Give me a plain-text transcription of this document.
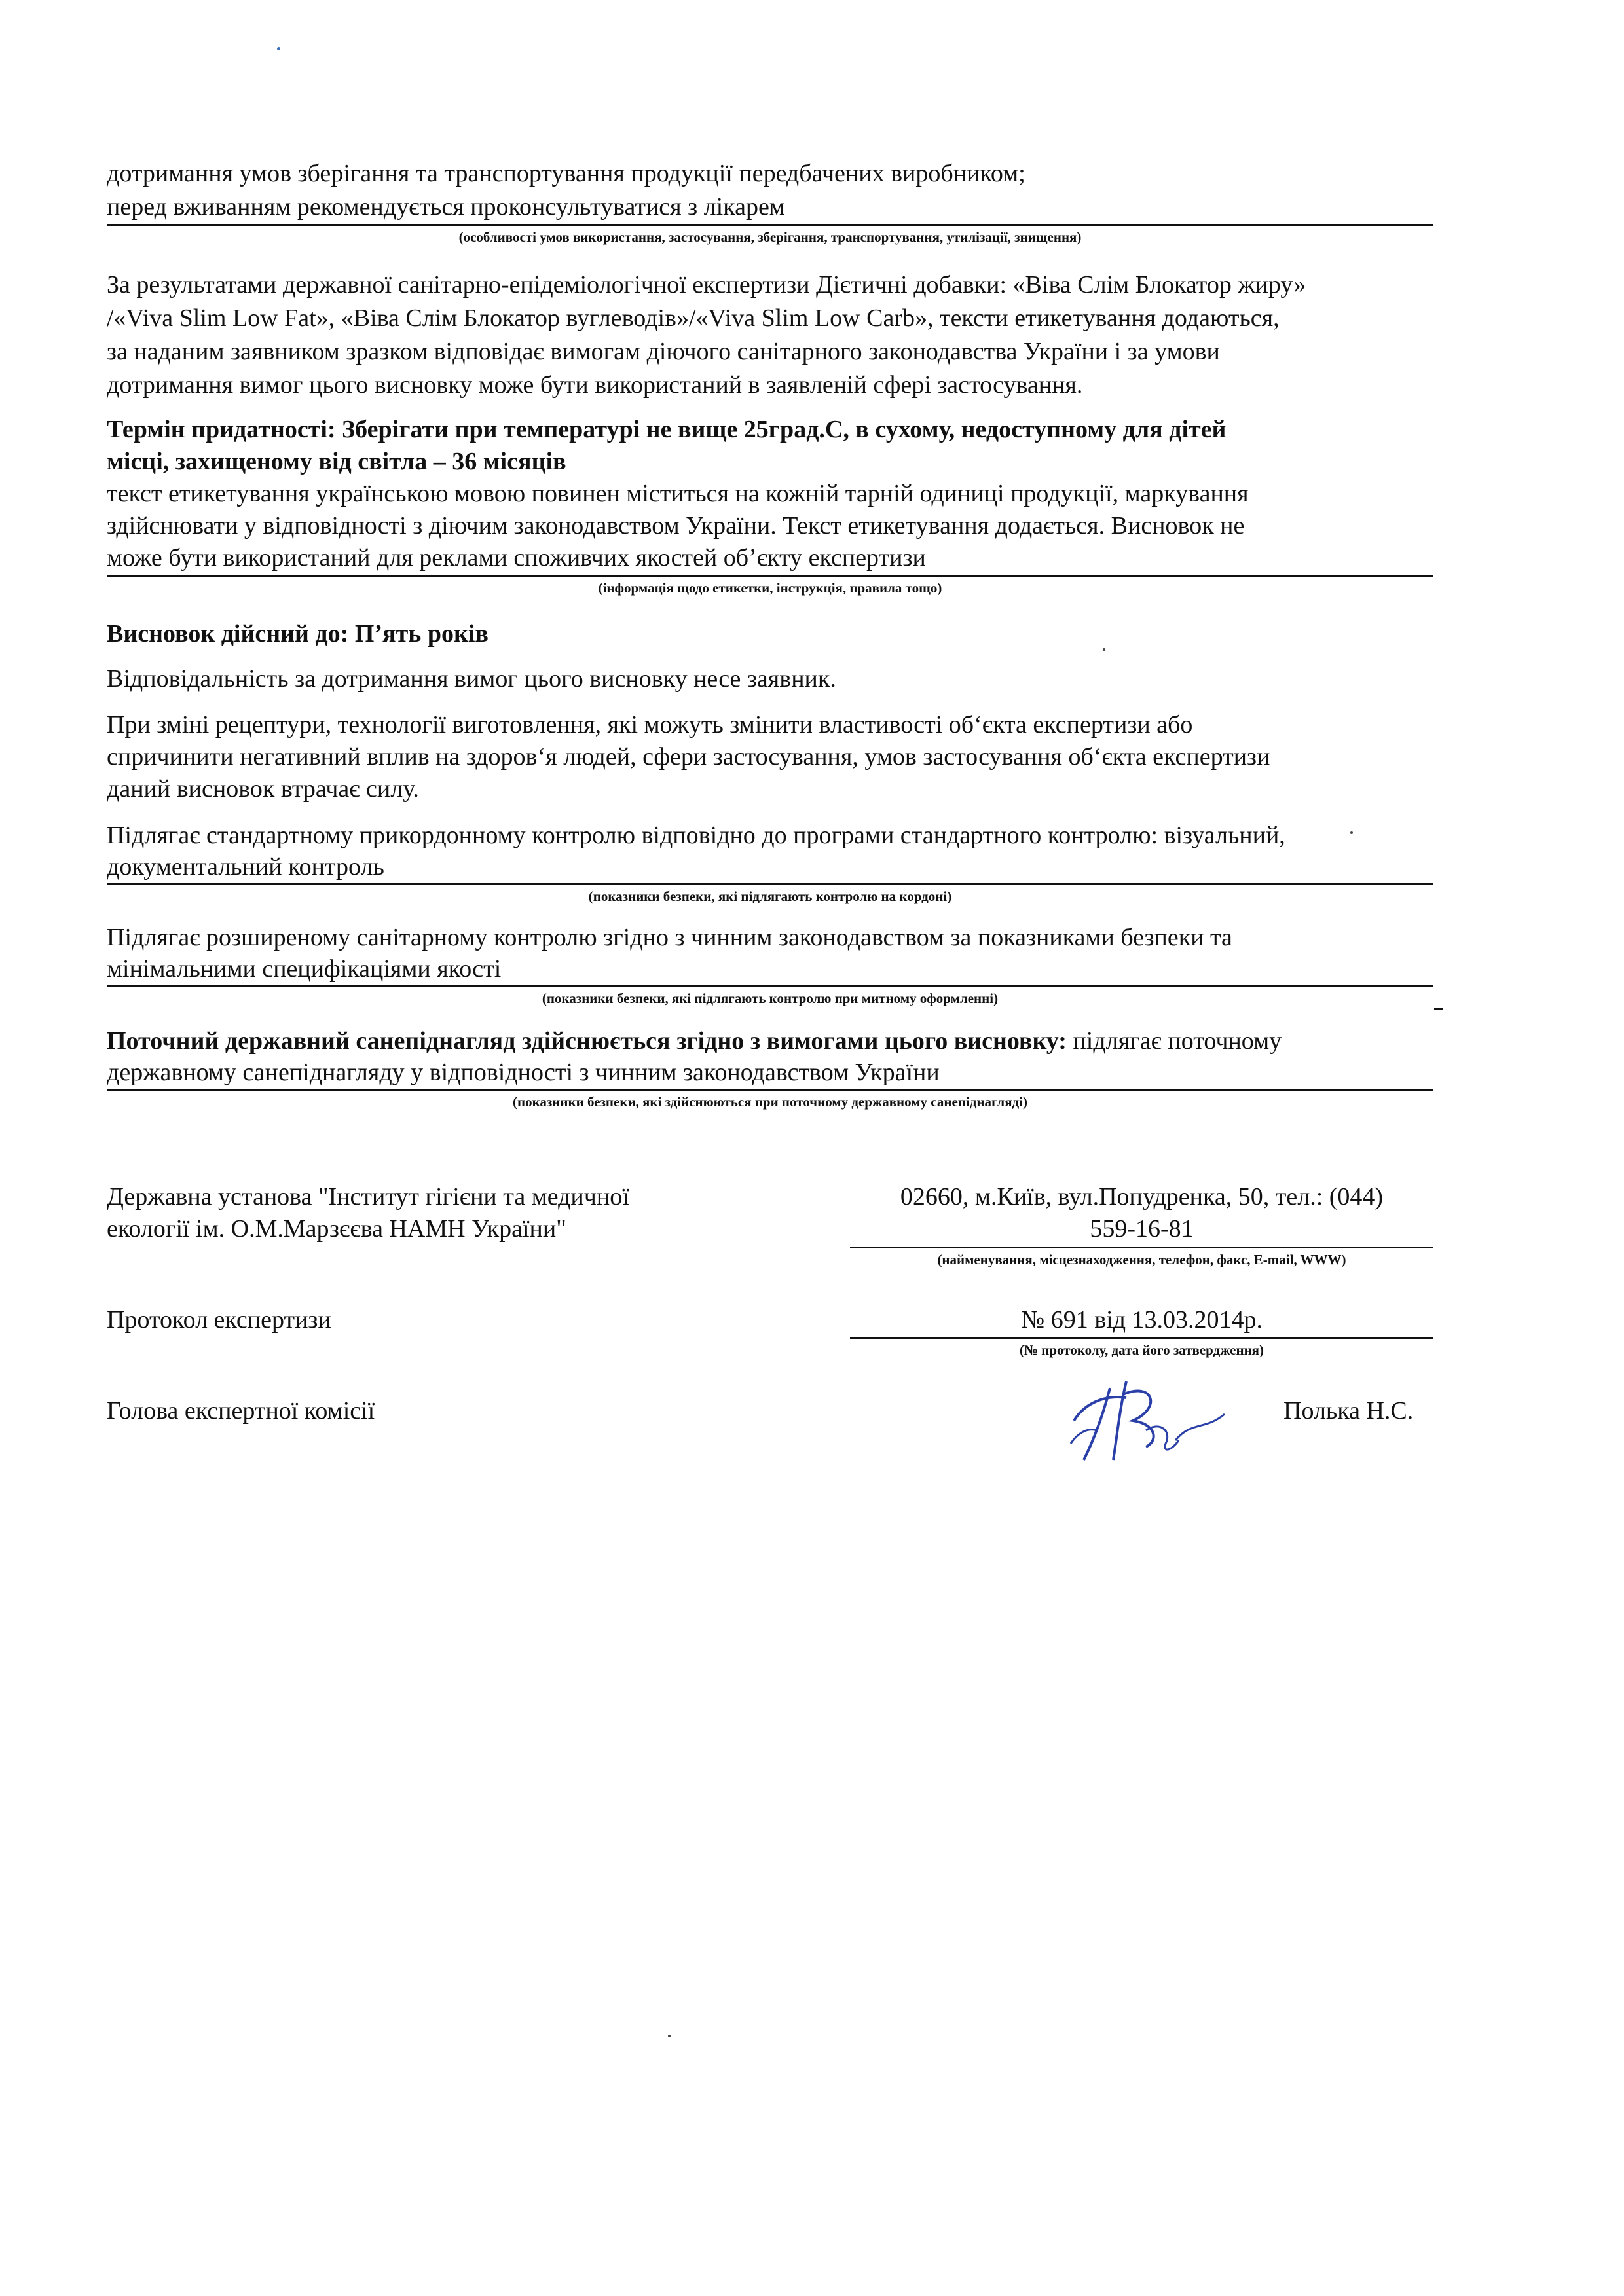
дотримання умов зберігання та транспортування продукції передбачених виробником;
перед вживанням рекомендується проконсультуватися з лікарем
(особливості умов використання, застосування, зберігання, транспортування, утилізації, знищення)
За результатами державної санітарно-епідеміологічної експертизи Дієтичні добавки: «Віва Слім Блокатор жиру»
/«Viva Slim Low Fat», «Віва Слім Блокатор вуглеводів»/«Viva Slim Low Carb», тексти етикетування додаються,
за наданим заявником зразком відповідає вимогам діючого санітарного законодавства України і за умови
дотримання вимог цього висновку може бути використаний в заявленій сфері застосування.
Термін придатності: Зберігати при температурі не вище 25град.С, в сухому, недоступному для дітей
місці, захищеному від світла – 36 місяців
текст етикетування українською мовою повинен міститься на кожній тарній одиниці продукції, маркування
здійснювати у відповідності з діючим законодавством України. Текст етикетування додається. Висновок не
може бути використаний для реклами споживчих якостей об’єкту експертизи
(інформація щодо етикетки, інструкція, правила тощо)
Висновок дійсний до: П’ять років
Відповідальність за дотримання вимог цього висновку несе заявник.
При зміні рецептури, технології виготовлення, які можуть змінити властивості об‘єкта експертизи або
спричинити негативний вплив на здоров‘я людей, сфери застосування, умов застосування об‘єкта експертизи
даний висновок втрачає силу.
Підлягає стандартному прикордонному контролю відповідно до програми стандартного контролю: візуальний,
документальний контроль
(показники безпеки, які підлягають контролю на кордоні)
Підлягає розширеному санітарному контролю згідно з чинним законодавством за показниками безпеки та
мінімальними специфікаціями якості
(показники безпеки, які підлягають контролю при митному оформленні)
Поточний державний санепіднагляд здійснюється згідно з вимогами цього висновку: підлягає поточному
державному санепіднагляду у відповідності з чинним законодавством України
(показники безпеки, які здійснюються при поточному державному санепіднагляді)
Державна установа "Інститут гігієни та медичної
екології ім. О.М.Марзєєва НАМН України"
02660, м.Київ, вул.Попудренка, 50, тел.: (044)
559-16-81
(найменування, місцезнаходження, телефон, факс, E-mail, WWW)
Протокол експертизи	№ 691 від 13.03.2014р.
(№ протоколу, дата його затвердження)
Голова експертної комісії	Полька Н.С.
